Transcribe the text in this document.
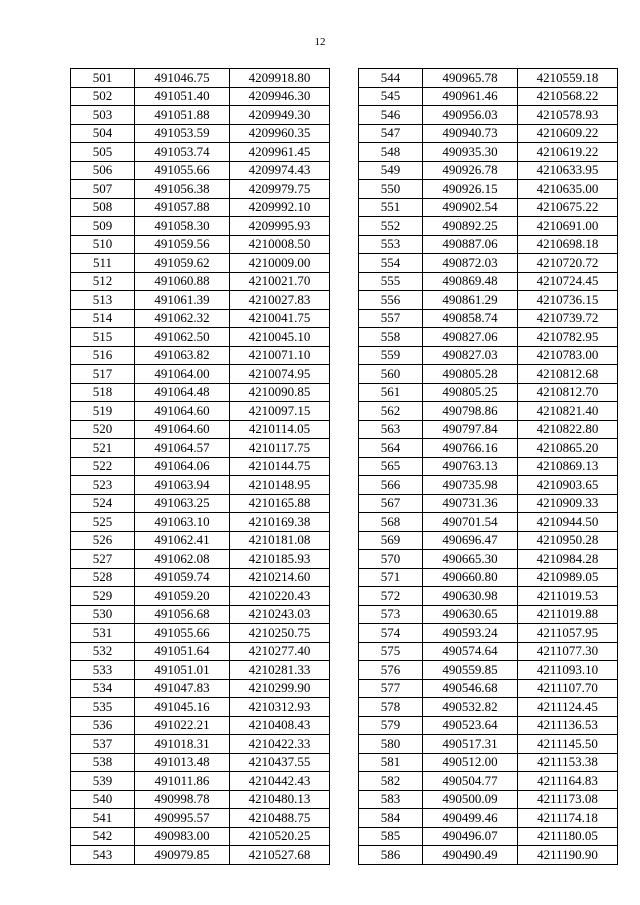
12
501	491046.75	4209918.80
502	491051.40	4209946.30
503	491051.88	4209949.30
504	491053.59	4209960.35
505	491053.74	4209961.45
506	491055.66	4209974.43
507	491056.38	4209979.75
508	491057.88	4209992.10
509	491058.30	4209995.93
510	491059.56	4210008.50
511	491059.62	4210009.00
512	491060.88	4210021.70
513	491061.39	4210027.83
514	491062.32	4210041.75
515	491062.50	4210045.10
516	491063.82	4210071.10
517	491064.00	4210074.95
518	491064.48	4210090.85
519	491064.60	4210097.15
520	491064.60	4210114.05
521	491064.57	4210117.75
522	491064.06	4210144.75
523	491063.94	4210148.95
524	491063.25	4210165.88
525	491063.10	4210169.38
526	491062.41	4210181.08
527	491062.08	4210185.93
528	491059.74	4210214.60
529	491059.20	4210220.43
530	491056.68	4210243.03
531	491055.66	4210250.75
532	491051.64	4210277.40
533	491051.01	4210281.33
534	491047.83	4210299.90
535	491045.16	4210312.93
536	491022.21	4210408.43
537	491018.31	4210422.33
538	491013.48	4210437.55
539	491011.86	4210442.43
540	490998.78	4210480.13
541	490995.57	4210488.75
542	490983.00	4210520.25
543	490979.85	4210527.68
544	490965.78	4210559.18
545	490961.46	4210568.22
546	490956.03	4210578.93
547	490940.73	4210609.22
548	490935.30	4210619.22
549	490926.78	4210633.95
550	490926.15	4210635.00
551	490902.54	4210675.22
552	490892.25	4210691.00
553	490887.06	4210698.18
554	490872.03	4210720.72
555	490869.48	4210724.45
556	490861.29	4210736.15
557	490858.74	4210739.72
558	490827.06	4210782.95
559	490827.03	4210783.00
560	490805.28	4210812.68
561	490805.25	4210812.70
562	490798.86	4210821.40
563	490797.84	4210822.80
564	490766.16	4210865.20
565	490763.13	4210869.13
566	490735.98	4210903.65
567	490731.36	4210909.33
568	490701.54	4210944.50
569	490696.47	4210950.28
570	490665.30	4210984.28
571	490660.80	4210989.05
572	490630.98	4211019.53
573	490630.65	4211019.88
574	490593.24	4211057.95
575	490574.64	4211077.30
576	490559.85	4211093.10
577	490546.68	4211107.70
578	490532.82	4211124.45
579	490523.64	4211136.53
580	490517.31	4211145.50
581	490512.00	4211153.38
582	490504.77	4211164.83
583	490500.09	4211173.08
584	490499.46	4211174.18
585	490496.07	4211180.05
586	490490.49	4211190.90
